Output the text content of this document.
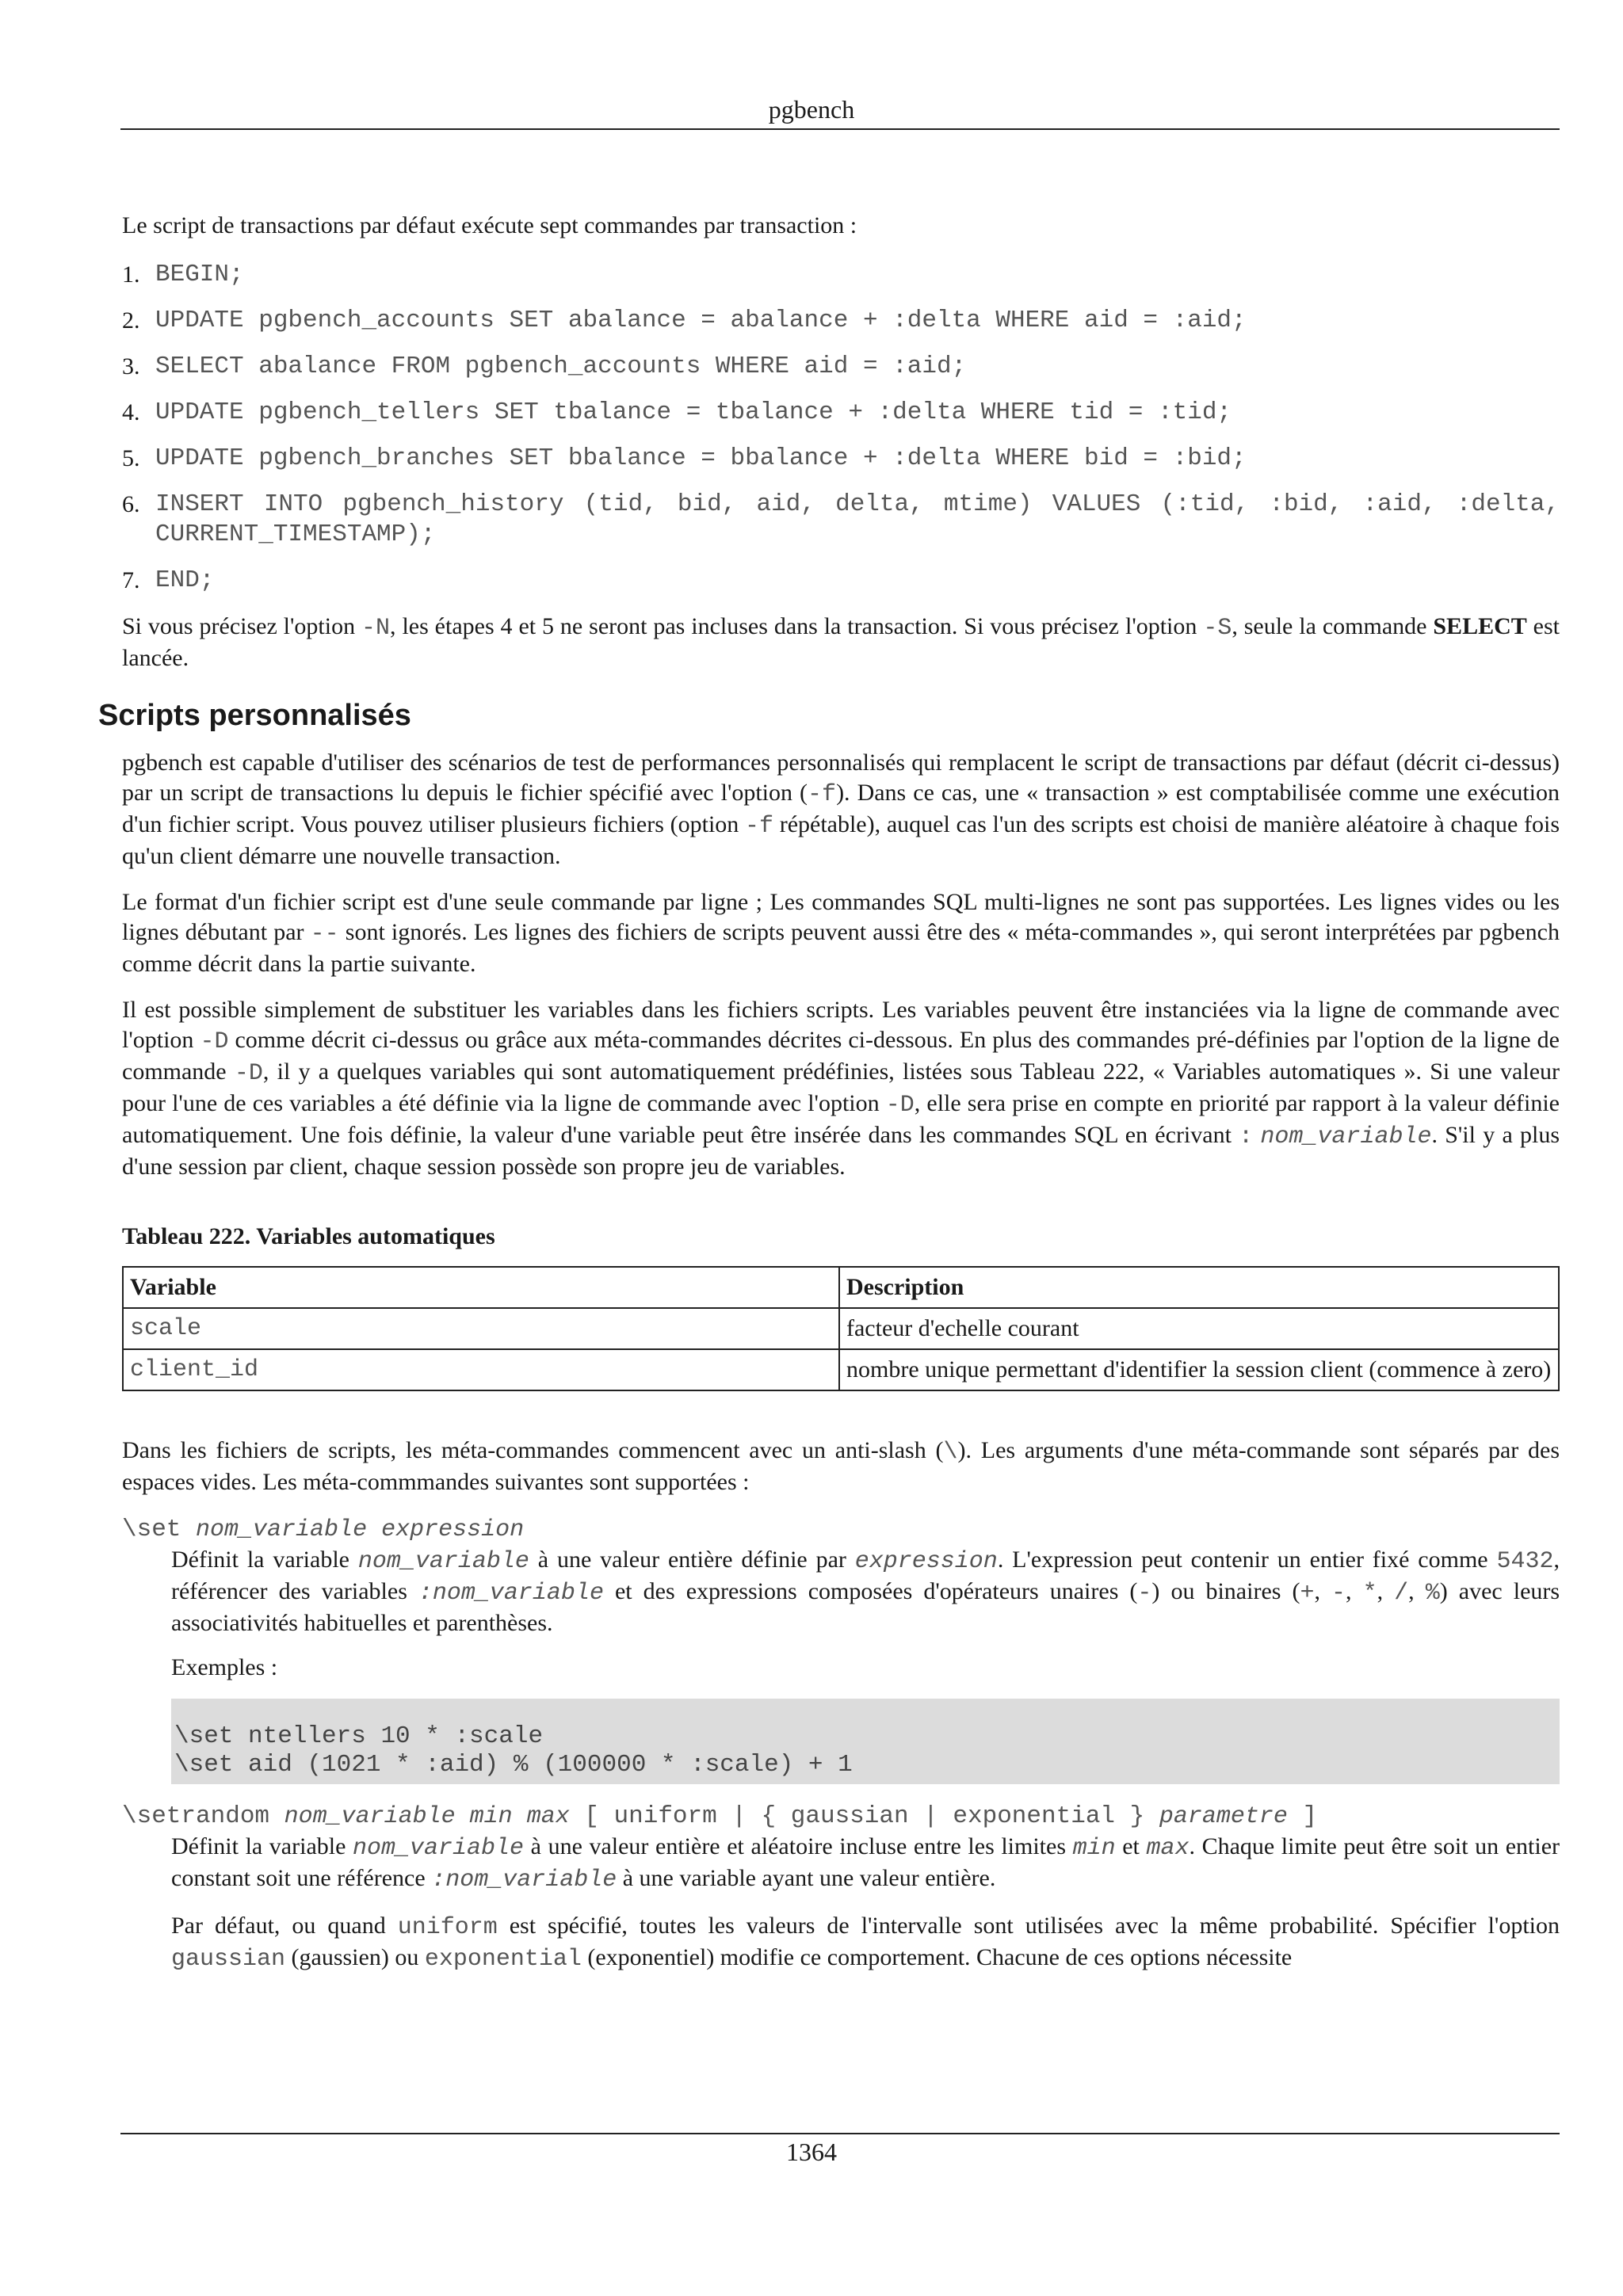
pgbench

Le script de transactions par défaut exécute sept commandes par transaction :

1. BEGIN;
2. UPDATE pgbench_accounts SET abalance = abalance + :delta WHERE aid = :aid;
3. SELECT abalance FROM pgbench_accounts WHERE aid = :aid;
4. UPDATE pgbench_tellers SET tbalance = tbalance + :delta WHERE tid = :tid;
5. UPDATE pgbench_branches SET bbalance = bbalance + :delta WHERE bid = :bid;
6. INSERT INTO pgbench_history (tid, bid, aid, delta, mtime) VALUES (:tid, :bid, :aid, :delta, CURRENT_TIMESTAMP);
7. END;

Si vous précisez l'option -N, les étapes 4 et 5 ne seront pas incluses dans la transaction. Si vous précisez l'option -S, seule la commande SELECT est lancée.

Scripts personnalisés

pgbench est capable d'utiliser des scénarios de test de performances personnalisés qui remplacent le script de transactions par défaut (décrit ci-dessus) par un script de transactions lu depuis le fichier spécifié avec l'option (-f). Dans ce cas, une « transaction » est comptabilisée comme une exécution d'un fichier script. Vous pouvez utiliser plusieurs fichiers (option -f répétable), auquel cas l'un des scripts est choisi de manière aléatoire à chaque fois qu'un client démarre une nouvelle transaction.

Le format d'un fichier script est d'une seule commande par ligne ; Les commandes SQL multi-lignes ne sont pas supportées. Les lignes vides ou les lignes débutant par -- sont ignorés. Les lignes des fichiers de scripts peuvent aussi être des « méta-commandes », qui seront interprétées par pgbench comme décrit dans la partie suivante.

Il est possible simplement de substituer les variables dans les fichiers scripts. Les variables peuvent être instanciées via la ligne de commande avec l'option -D comme décrit ci-dessus ou grâce aux méta-commandes décrites ci-dessous. En plus des commandes pré-définies par l'option de la ligne de commande -D, il y a quelques variables qui sont automatiquement prédéfinies, listées sous Tableau 222, « Variables automatiques ». Si une valeur pour l'une de ces variables a été définie via la ligne de commande avec l'option -D, elle sera prise en compte en priorité par rapport à la valeur définie automatiquement. Une fois définie, la valeur d'une variable peut être insérée dans les commandes SQL en écrivant : nom_variable. S'il y a plus d'une session par client, chaque session possède son propre jeu de variables.

Tableau 222. Variables automatiques
Variable	Description
scale	facteur d'echelle courant
client_id	nombre unique permettant d'identifier la session client (commence à zero)

Dans les fichiers de scripts, les méta-commandes commencent avec un anti-slash (\). Les arguments d'une méta-commande sont séparés par des espaces vides. Les méta-commmandes suivantes sont supportées :

\set nom_variable expression

Définit la variable nom_variable à une valeur entière définie par expression. L'expression peut contenir un entier fixé comme 5432, référencer des variables :nom_variable et des expressions composées d'opérateurs unaires (-) ou binaires (+, -, *, /, %) avec leurs associativités habituelles et parenthèses.

Exemples :

\set ntellers 10 * :scale
\set aid (1021 * :aid) % (100000 * :scale) + 1
\setrandom nom_variable min max [ uniform | { gaussian | exponential } parametre ]

Définit la variable nom_variable à une valeur entière et aléatoire incluse entre les limites min et max. Chaque limite peut être soit un entier constant soit une référence :nom_variable à une variable ayant une valeur entière.

Par défaut, ou quand uniform est spécifié, toutes les valeurs de l'intervalle sont utilisées avec la même probabilité. Spécifier l'option gaussian (gaussien) ou exponential (exponentiel) modifie ce comportement. Chacune de ces options nécessite

1364
